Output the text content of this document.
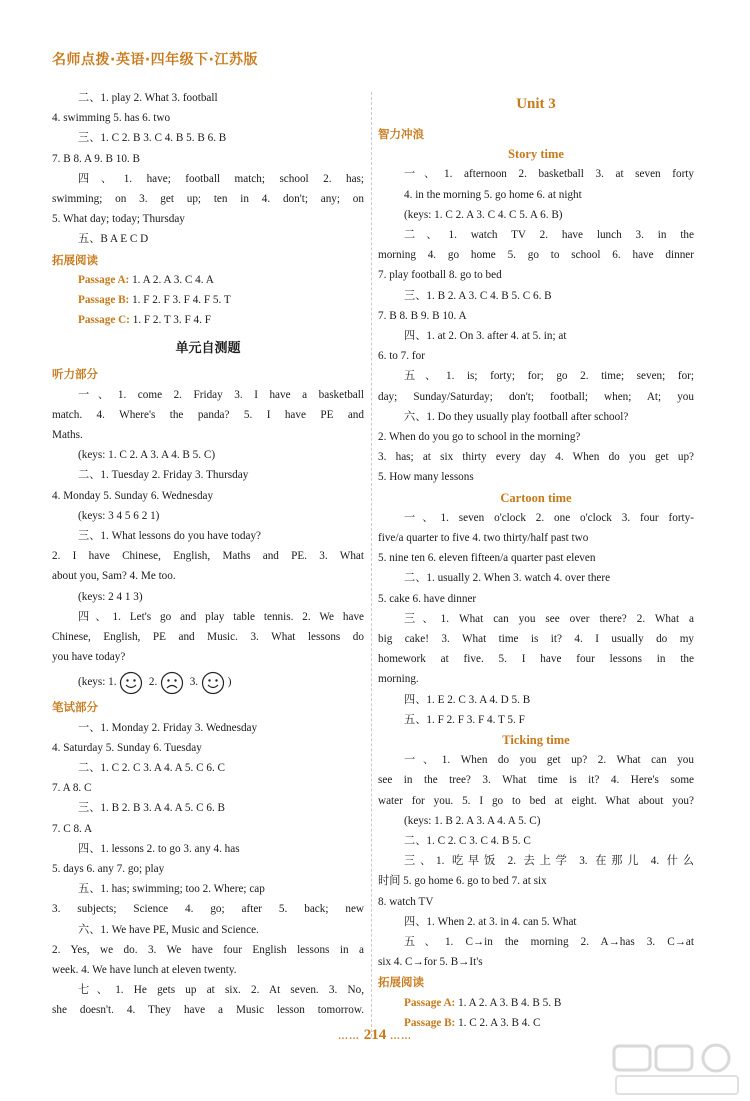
名师点拨·英语·四年级下·江苏版
二、1. play 2. What 3. football
4. swimming 5. has 6. two
三、1. C 2. B 3. C 4. B 5. B 6. B
7. B 8. A 9. B 10. B
四、1. have; football match; school 2. has;
swimming; on 3. get up; ten in 4. don't; any; on
5. What day; today; Thursday
五、B A E C D
拓展阅读
Passage A: 1. A 2. A 3. C 4. A
Passage B: 1. F 2. F 3. F 4. F 5. T
Passage C: 1. F 2. T 3. F 4. F
单元自测题
听力部分
一、1. come 2. Friday 3. I have a basketball
match. 4. Where's the panda? 5. I have PE and
Maths.
(keys: 1. C 2. A 3. A 4. B 5. C)
二、1. Tuesday 2. Friday 3. Thursday
4. Monday 5. Sunday 6. Wednesday
(keys: 3 4 5 6 2 1)
三、1. What lessons do you have today?
2. I have Chinese, English, Maths and PE. 3. What
about you, Sam? 4. Me too.
(keys: 2 4 1 3)
四、1. Let's go and play table tennis. 2. We have
Chinese, English, PE and Music. 3. What lessons do
you have today?
(keys: 1.	2.	3.	)
笔试部分
一、1. Monday 2. Friday 3. Wednesday
4. Saturday 5. Sunday 6. Tuesday
二、1. C 2. C 3. A 4. A 5. C 6. C
7. A 8. C
三、1. B 2. B 3. A 4. A 5. C 6. B
7. C 8. A
四、1. lessons 2. to go 3. any 4. has
5. days 6. any 7. go; play
五、1. has; swimming; too 2. Where; cap
3. subjects; Science 4. go; after 5. back; new
六、1. We have PE, Music and Science.
2. Yes, we do. 3. We have four English lessons in a
week. 4. We have lunch at eleven twenty.
七、1. He gets up at six. 2. At seven. 3. No,
she doesn't. 4. They have a Music lesson tomorrow.
Unit 3
智力冲浪
Story time
一、1. afternoon 2. basketball 3. at seven forty
4. in the morning 5. go home 6. at night
(keys: 1. C 2. A 3. C 4. C 5. A 6. B)
二、1. watch TV 2. have lunch 3. in the
morning 4. go home 5. go to school 6. have dinner
7. play football 8. go to bed
三、1. B 2. A 3. C 4. B 5. C 6. B
7. B 8. B 9. B 10. A
四、1. at 2. On 3. after 4. at 5. in; at
6. to 7. for
五、1. is; forty; for; go 2. time; seven; for;
day; Sunday/Saturday; don't; football; when; At; you
六、1. Do they usually play football after school?
2. When do you go to school in the morning?
3. has; at six thirty every day 4. When do you get up?
5. How many lessons
Cartoon time
一、1. seven o'clock 2. one o'clock 3. four forty-
five/a quarter to five 4. two thirty/half past two
5. nine ten 6. eleven fifteen/a quarter past eleven
二、1. usually 2. When 3. watch 4. over there
5. cake 6. have dinner
三、1. What can you see over there? 2. What a
big cake! 3. What time is it? 4. I usually do my
homework at five. 5. I have four lessons in the
morning.
四、1. E 2. C 3. A 4. D 5. B
五、1. F 2. F 3. F 4. T 5. F
Ticking time
一、1. When do you get up? 2. What can you
see in the tree? 3. What time is it? 4. Here's some
water for you. 5. I go to bed at eight. What about you?
(keys: 1. B 2. A 3. A 4. A 5. C)
二、1. C 2. C 3. C 4. B 5. C
三、1. 吃早饭 2. 去上学 3. 在那儿 4. 什么
时间 5. go home 6. go to bed 7. at six
8. watch TV
四、1. When 2. at 3. in 4. can 5. What
五、1. C→in the morning 2. A→has 3. C→at
six 4. C→for 5. B→It's
拓展阅读
Passage A: 1. A 2. A 3. B 4. B 5. B
Passage B: 1. C 2. A 3. B 4. C
…… 214 ……
